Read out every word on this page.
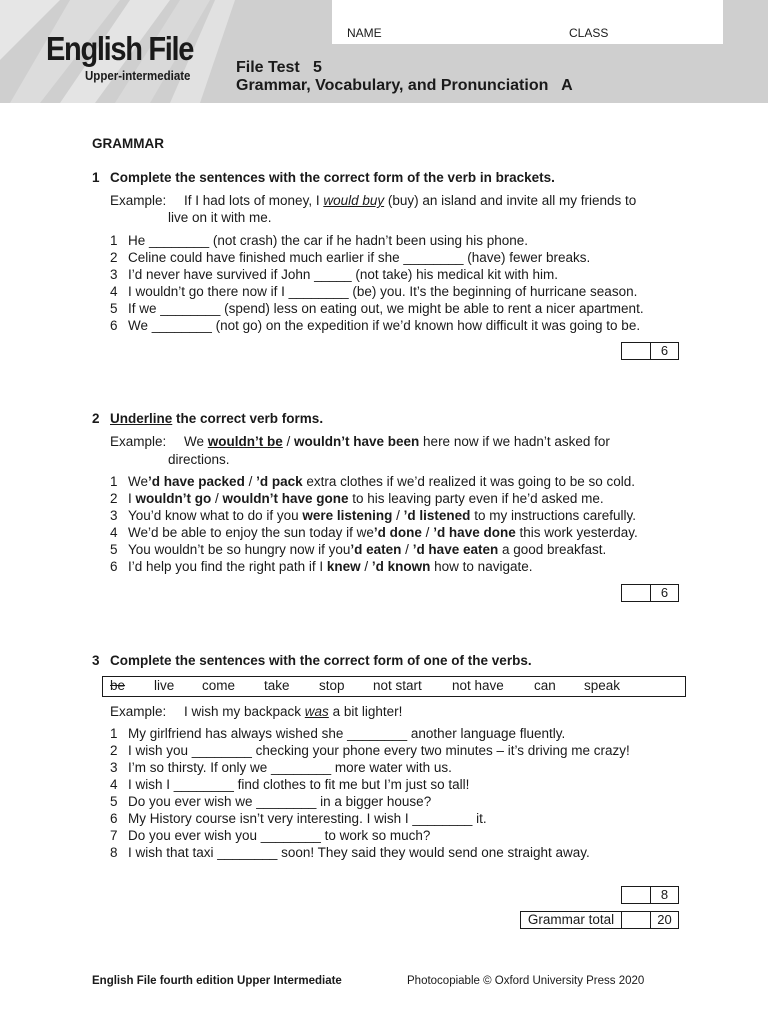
English File
Upper-intermediate
NAME	CLASS
File Test   5
Grammar, Vocabulary, and Pronunciation   A
GRAMMAR
1 Complete the sentences with the correct form of the verb in brackets.
Example: If I had lots of money, I would buy (buy) an island and invite all my friends to
live on it with me.
1 He ________ (not crash) the car if he hadn’t been using his phone.
2 Celine could have finished much earlier if she ________ (have) fewer breaks.
3 I’d never have survived if John _____ (not take) his medical kit with him.
4 I wouldn’t go there now if I ________ (be) you. It’s the beginning of hurricane season.
5 If we ________ (spend) less on eating out, we might be able to rent a nicer apartment.
6 We ________ (not go) on the expedition if we’d known how difficult it was going to be.
6
2 Underline the correct verb forms.
Example: We wouldn’t be / wouldn’t have been here now if we hadn’t asked for
directions.
1 We’d have packed / ’d pack extra clothes if we’d realized it was going to be so cold.
2 I wouldn’t go / wouldn’t have gone to his leaving party even if he’d asked me.
3 You’d know what to do if you were listening / ’d listened to my instructions carefully.
4 We’d be able to enjoy the sun today if we’d done / ’d have done this work yesterday.
5 You wouldn’t be so hungry now if you’d eaten / ’d have eaten a good breakfast.
6 I’d help you find the right path if I knew / ’d known how to navigate.
6
3 Complete the sentences with the correct form of one of the verbs.
be live come take stop not start not have can speak
Example: I wish my backpack was a bit lighter!
1 My girlfriend has always wished she ________ another language fluently.
2 I wish you ________ checking your phone every two minutes – it’s driving me crazy!
3 I’m so thirsty. If only we ________ more water with us.
4 I wish I ________ find clothes to fit me but I’m just so tall!
5 Do you ever wish we ________ in a bigger house?
6 My History course isn’t very interesting. I wish I ________ it.
7 Do you ever wish you ________ to work so much?
8 I wish that taxi ________ soon! They said they would send one straight away.
8
Grammar total	20
English File fourth edition Upper Intermediate	Photocopiable © Oxford University Press 2020
